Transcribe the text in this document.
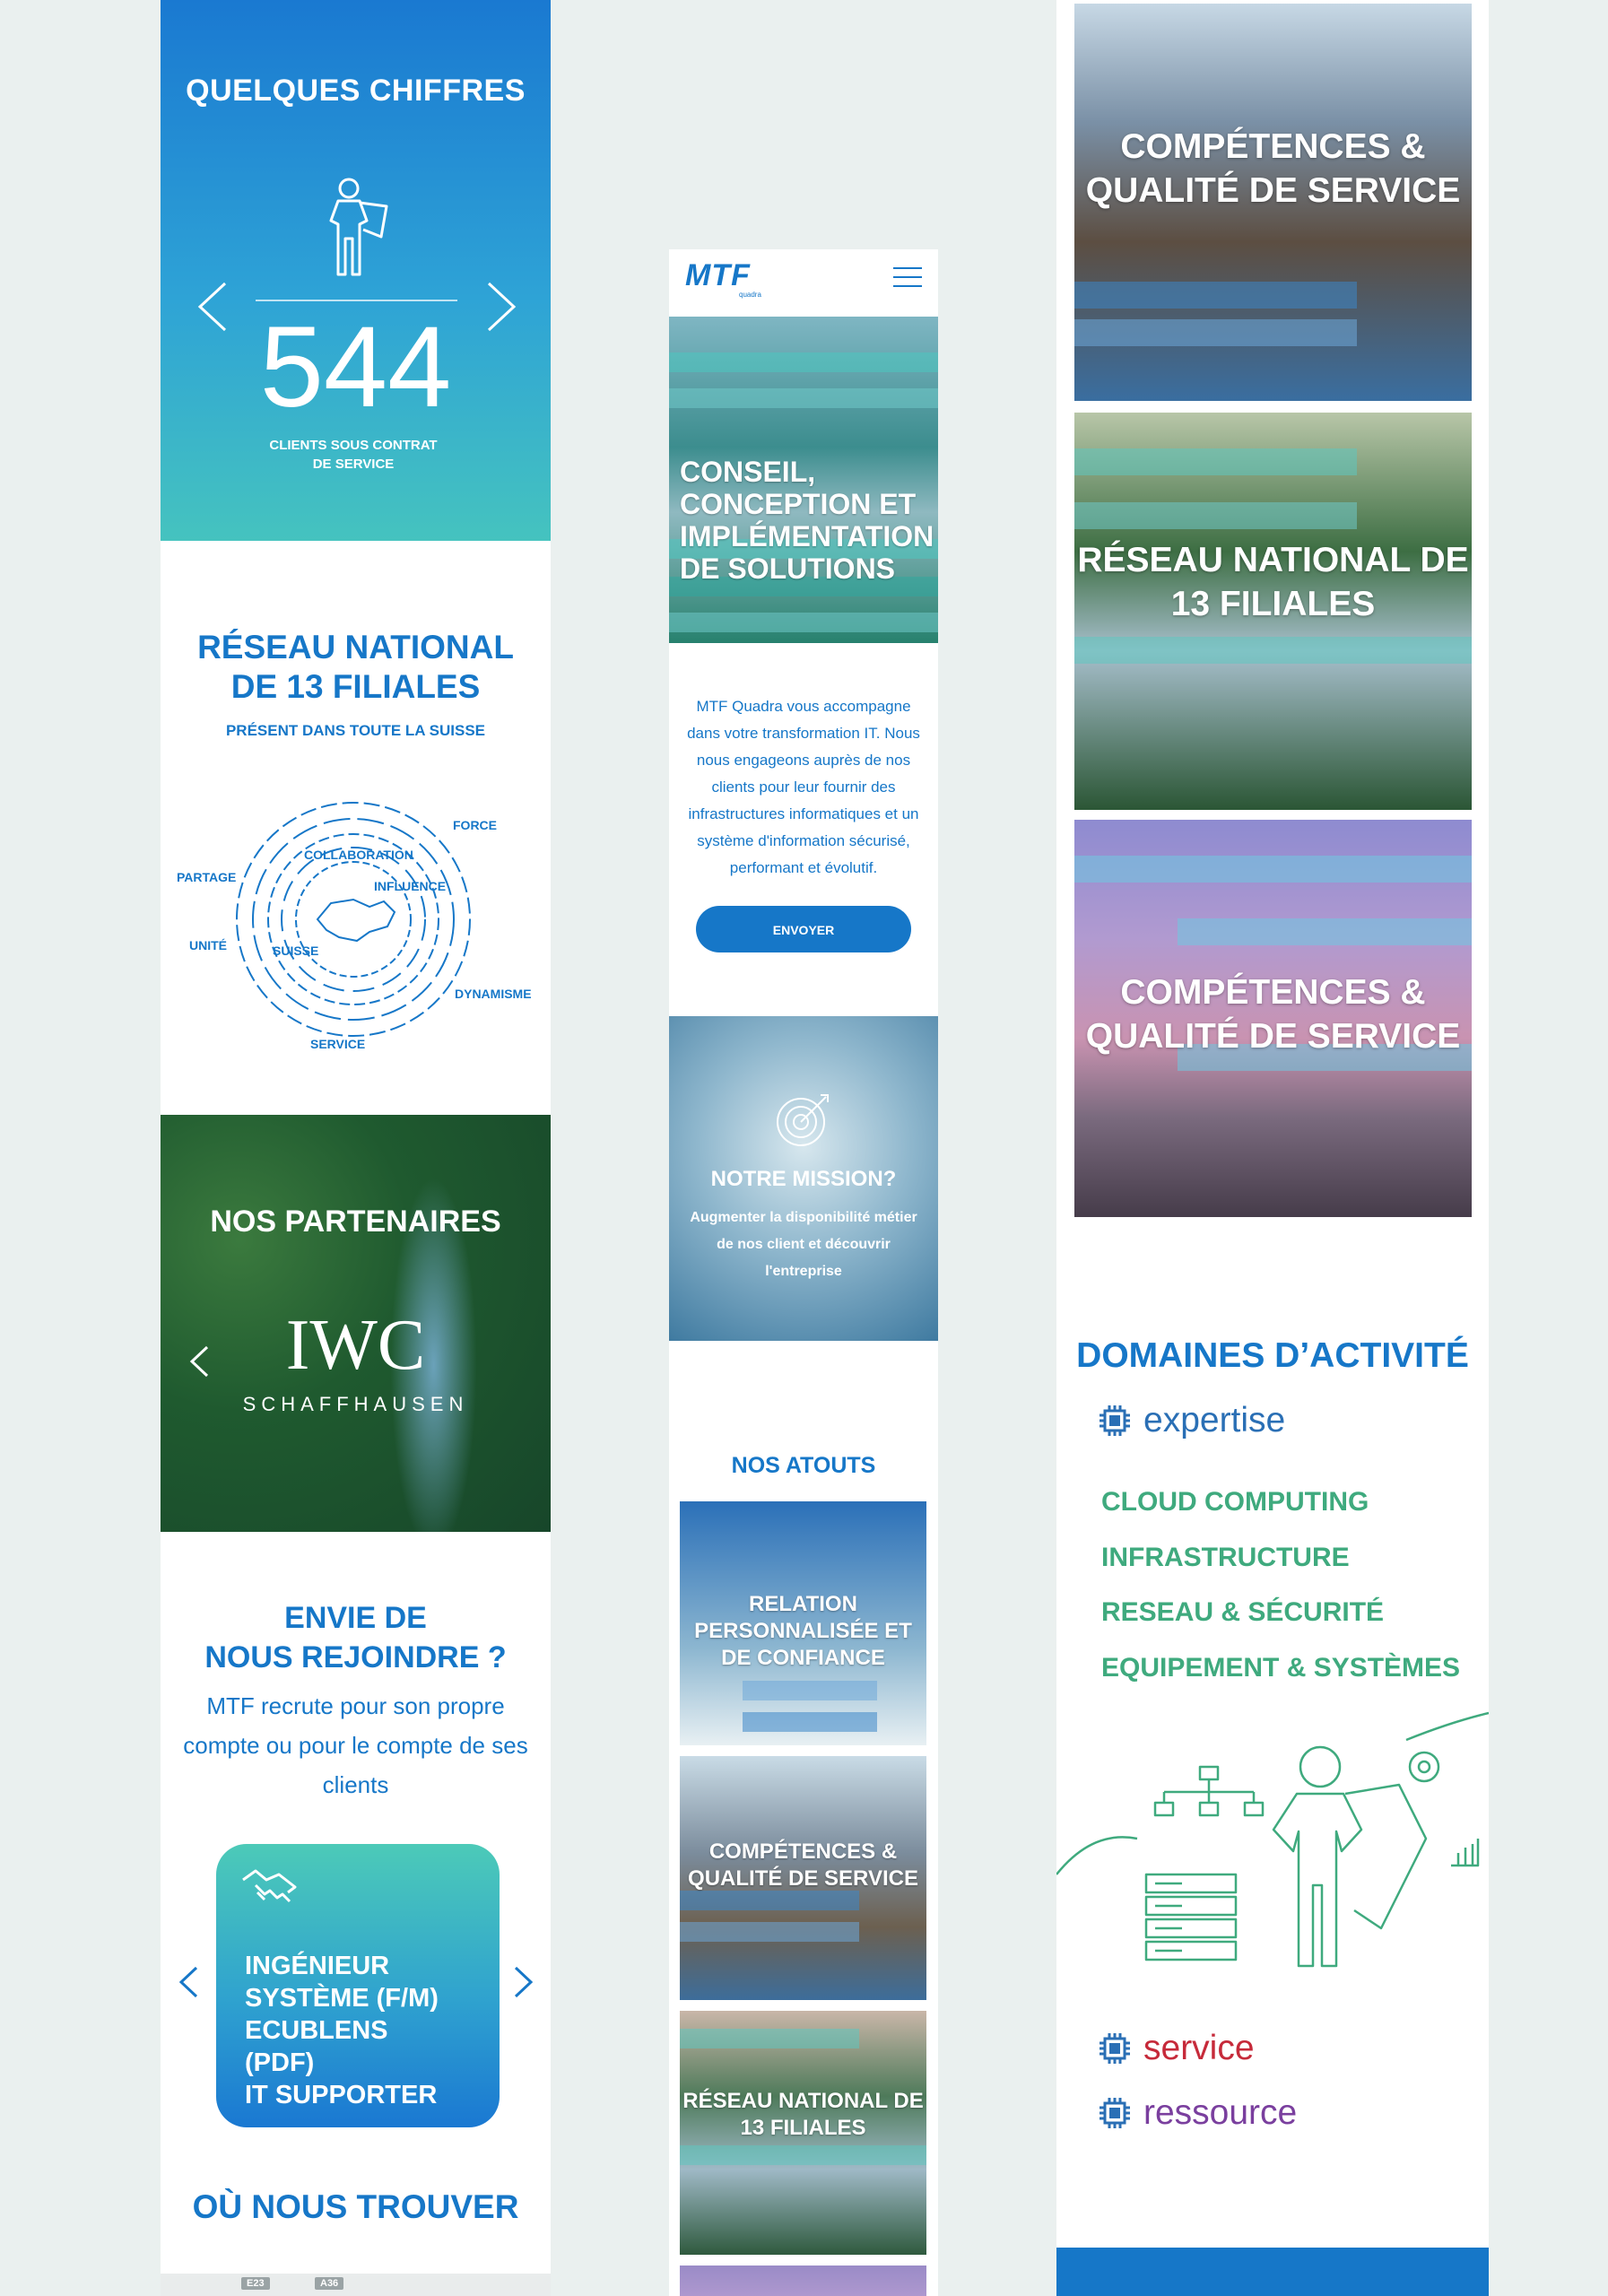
QUELQUES CHIFFRES
544
CLIENTS SOUS CONTRAT
DE SERVICE
RÉSEAU NATIONAL
DE 13 FILIALES
PRÉSENT DANS TOUTE LA SUISSE
FORCE
COLLABORATION
PARTAGE
INFLUENCE
UNITÉ	SUISSE
DYNAMISME
SERVICE
NOS PARTENAIRES
IWC
SCHAFFHAUSEN
ENVIE DE
NOUS REJOINDRE ?
MTF recrute pour son propre compte ou pour le compte de ses clients
INGÉNIEUR
SYSTÈME (F/M)
ECUBLENS
(PDF)
IT SUPPORTER
OÙ NOUS TROUVER
E23	A36
MTF
quadra
CONSEIL, CONCEPTION ET IMPLÉMENTATION DE SOLUTIONS
MTF Quadra vous accompagne dans votre transformation IT. Nous nous engageons auprès de nos clients pour leur fournir des infrastructures informatiques et un système d'information sécurisé, performant et évolutif.
ENVOYER
NOTRE MISSION?
Augmenter la disponibilité métier de nos client et découvrir l'entreprise
NOS ATOUTS
RELATION PERSONNALISÉE ET DE CONFIANCE
COMPÉTENCES & QUALITÉ DE SERVICE
RÉSEAU NATIONAL DE 13 FILIALES
COMPÉTENCES & QUALITÉ DE SERVICE
RÉSEAU NATIONAL DE 13 FILIALES
COMPÉTENCES & QUALITÉ DE SERVICE
DOMAINES D’ACTIVITÉ
expertise
CLOUD COMPUTING
INFRASTRUCTURE
RESEAU & SÉCURITÉ
EQUIPEMENT & SYSTÈMES
service
ressource
